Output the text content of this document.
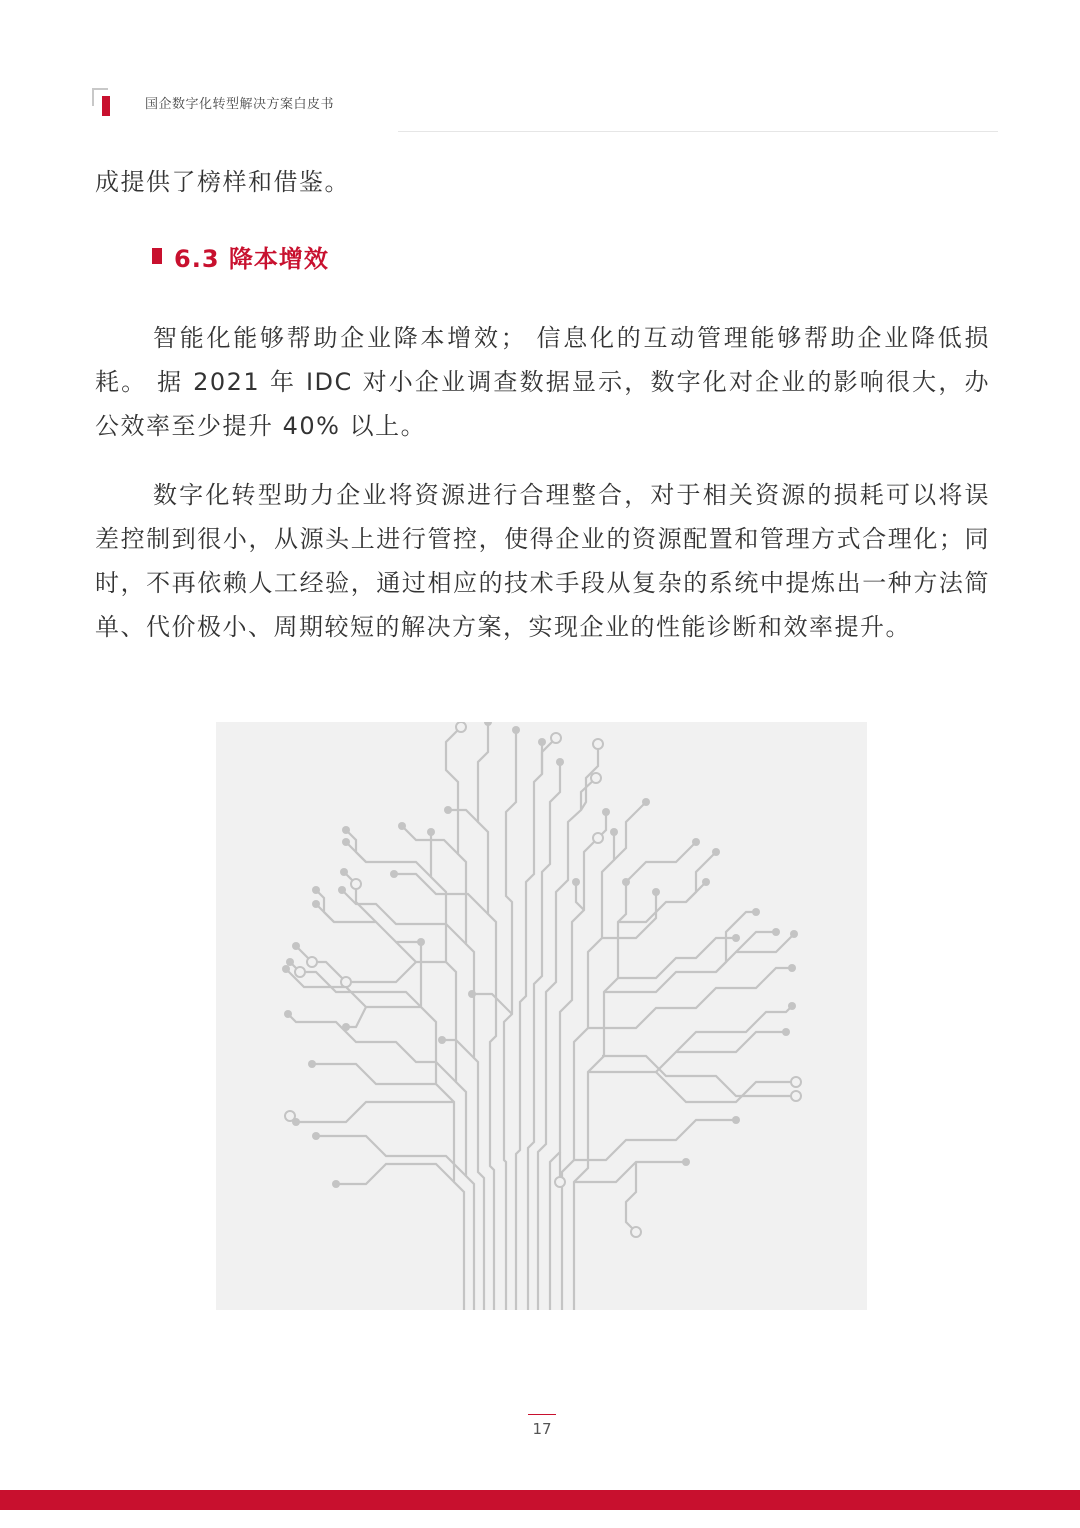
国企数字化转型解决方案白皮书
成提供了榜样和借鉴。
6.3 降本增效
智能化能够帮助企业降本增效； 信息化的互动管理能够帮助企业降低损耗。 据 2021 年 IDC 对小企业调查数据显示，数字化对企业的影响很大，办公效率至少提升 40% 以上。
数字化转型助力企业将资源进行合理整合，对于相关资源的损耗可以将误差控制到很小，从源头上进行管控，使得企业的资源配置和管理方式合理化；同时，不再依赖人工经验，通过相应的技术手段从复杂的系统中提炼出一种方法简单、代价极小、周期较短的解决方案，实现企业的性能诊断和效率提升。
17
